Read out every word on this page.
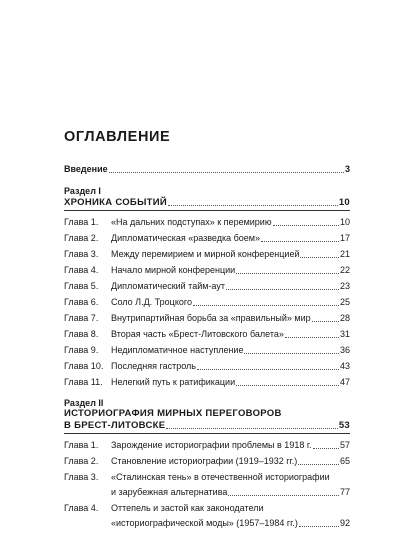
ОГЛАВЛЕНИЕ
Введение	3
Раздел I
ХРОНИКА СОБЫТИЙ	10
Глава 1.	«На дальних подступах» к перемирию	10
Глава 2.	Дипломатическая «разведка боем»	17
Глава 3.	Между перемирием и мирной конференцией	21
Глава 4.	Начало мирной конференции	22
Глава 5.	Дипломатический тайм-аут	23
Глава 6.	Соло Л.Д. Троцкого	25
Глава 7.	Внутрипартийная борьба за «правильный» мир	28
Глава 8.	Вторая часть «Брест-Литовского балета»	31
Глава 9.	Недипломатичное наступление	36
Глава 10. Последняя гастроль	43
Глава 11. Нелегкий путь к ратификации	47
Раздел II
ИСТОРИОГРАФИЯ МИРНЫХ ПЕРЕГОВОРОВ
В БРЕСТ-ЛИТОВСКЕ	53
Глава 1.	Зарождение историографии проблемы в 1918 г.	57
Глава 2.	Становление историографии (1919–1932 гг.)	65
Глава 3. «Сталинская тень» в отечественной историографии
и зарубежная альтернатива	77
Глава 4. Оттепель и застой как законодатели
«историографической моды» (1957–1984 гг.)	92
